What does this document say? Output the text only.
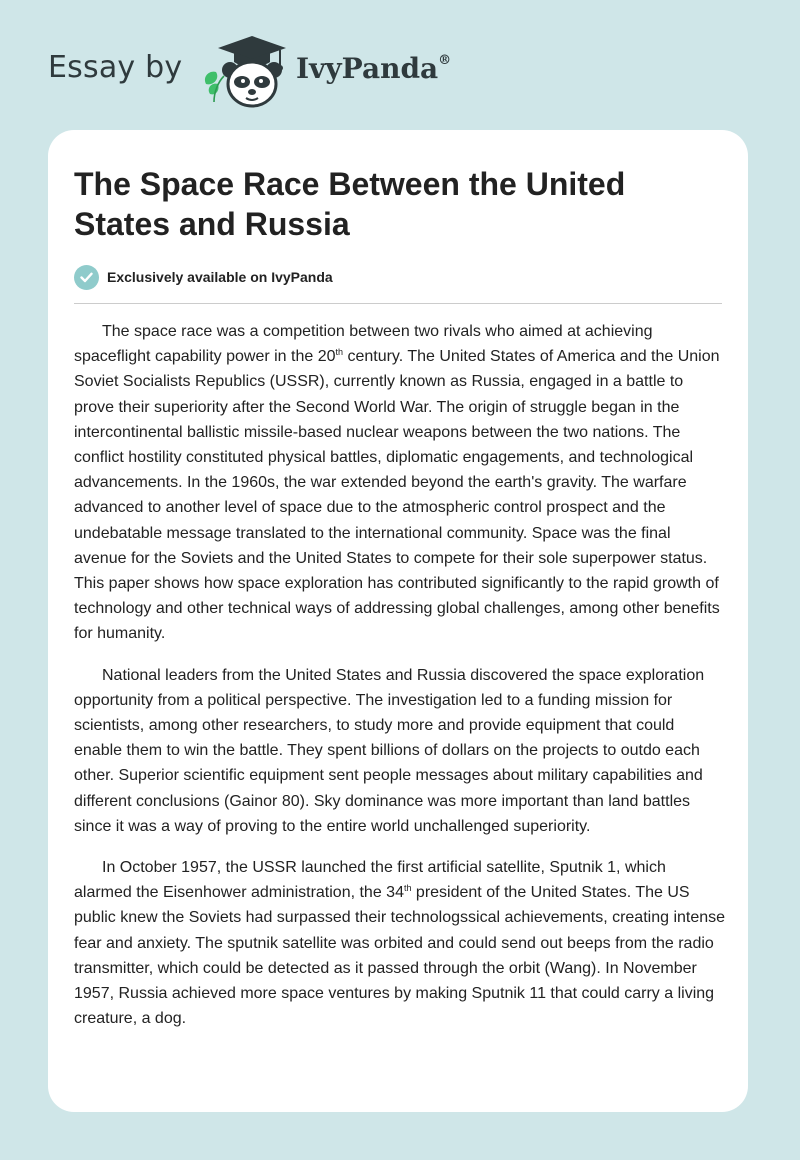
Essay by	IvyPanda®
The Space Race Between the United
States and Russia
Exclusively available on IvyPanda

The space race was a competition between two rivals who aimed at achieving spaceflight capability power in the 20th century. The United States of America and the Union Soviet Socialists Republics (USSR), currently known as Russia, engaged in a battle to prove their superiority after the Second World War. The origin of struggle began in the intercontinental ballistic missile-based nuclear weapons between the two nations. The conflict hostility constituted physical battles, diplomatic engagements, and technological advancements. In the 1960s, the war extended beyond the earth's gravity. The warfare advanced to another level of space due to the atmospheric control prospect and the undebatable message translated to the international community. Space was the final avenue for the Soviets and the United States to compete for their sole superpower status. This paper shows how space exploration has contributed significantly to the rapid growth of technology and other technical ways of addressing global challenges, among other benefits for humanity.

National leaders from the United States and Russia discovered the space exploration opportunity from a political perspective. The investigation led to a funding mission for scientists, among other researchers, to study more and provide equipment that could enable them to win the battle. They spent billions of dollars on the projects to outdo each other. Superior scientific equipment sent people messages about military capabilities and different conclusions (Gainor 80). Sky dominance was more important than land battles since it was a way of proving to the entire world unchallenged superiority.

In October 1957, the USSR launched the first artificial satellite, Sputnik 1, which alarmed the Eisenhower administration, the 34th president of the United States. The US public knew the Soviets had surpassed their technologssical achievements, creating intense fear and anxiety. The sputnik satellite was orbited and could send out beeps from the radio transmitter, which could be detected as it passed through the orbit (Wang). In November 1957, Russia achieved more space ventures by making Sputnik 11 that could carry a living creature, a dog.
